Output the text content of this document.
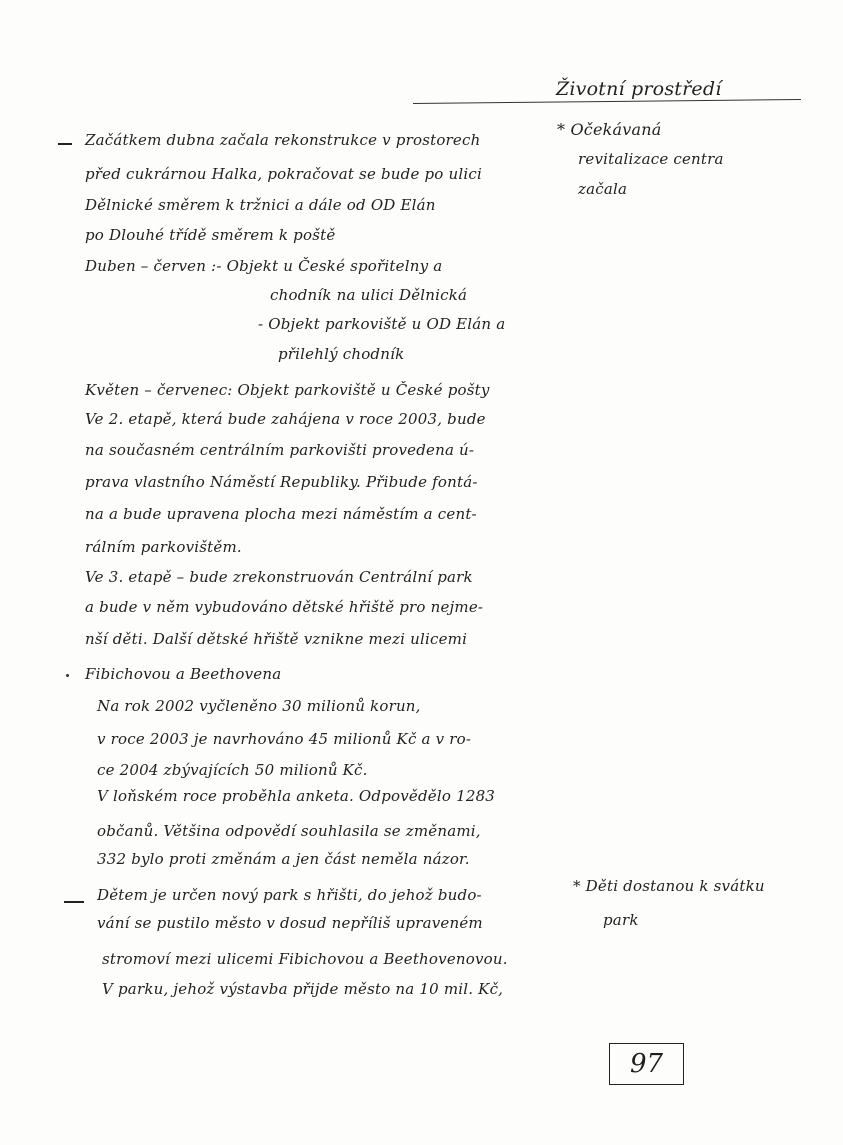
Životní prostředí
Začátkem dubna začala rekonstrukce v prostorech
před cukrárnou Halka, pokračovat se bude po ulici
Dělnické směrem k tržnici a dále od OD Elán
po Dlouhé třídě směrem k poště
Duben – červen :- Objekt u České spořitelny a
chodník na ulici Dělnická
- Objekt parkoviště u OD Elán a
přilehlý chodník
Květen – červenec: Objekt parkoviště u České pošty
Ve 2. etapě, která bude zahájena v roce 2003, bude
na současném centrálním parkovišti provedena ú-
prava vlastního Náměstí Republiky. Přibude fontá-
na a bude upravena plocha mezi náměstím a cent-
rálním parkovištěm.
Ve 3. etapě – bude zrekonstruován Centrální park
a bude v něm vybudováno dětské hřiště pro nejme-
nší děti. Další dětské hřiště vznikne mezi ulicemi
Fibichovou a Beethovena
Na rok 2002 vyčleněno 30 milionů korun,
v roce 2003 je navrhováno 45 milionů Kč a v ro-
ce 2004 zbývajících 50 milionů Kč.
V loňském roce proběhla anketa. Odpovědělo 1283
občanů. Většina odpovědí souhlasila se změnami,
332 bylo proti změnám a jen část neměla názor.
Dětem je určen nový park s hřišti, do jehož budo-
vání se pustilo město v dosud nepříliš upraveném
stromoví mezi ulicemi Fibichovou a Beethovenovou.
V parku, jehož výstavba přijde město na 10 mil. Kč,
* Očekávaná
revitalizace centra
začala
* Děti dostanou k svátku
park
97
